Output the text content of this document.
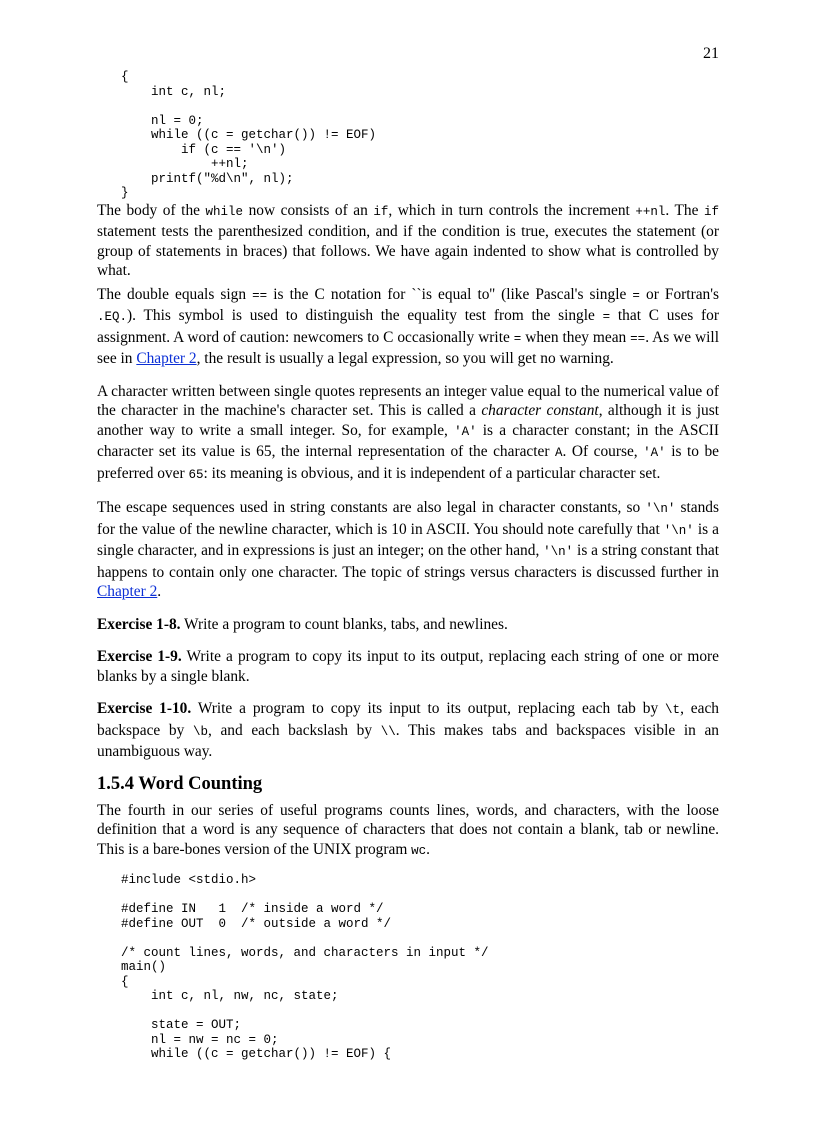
21
{
int c, nl;

nl = 0;
while ((c = getchar()) != EOF)
if (c == '\n')
++nl;
printf("%d\n", nl);
}

The body of the while now consists of an if, which in turn controls the increment ++nl. The if statement tests the parenthesized condition, and if the condition is true, executes the statement (or group of statements in braces) that follows. We have again indented to show what is controlled by what.

The double equals sign == is the C notation for ``is equal to'' (like Pascal's single = or Fortran's .EQ.). This symbol is used to distinguish the equality test from the single = that C uses for assignment. A word of caution: newcomers to C occasionally write = when they mean ==. As we will see in Chapter 2, the result is usually a legal expression, so you will get no warning.

A character written between single quotes represents an integer value equal to the numerical value of the character in the machine's character set. This is called a character constant, although it is just another way to write a small integer. So, for example, 'A' is a character constant; in the ASCII character set its value is 65, the internal representation of the character A. Of course, 'A' is to be preferred over 65: its meaning is obvious, and it is independent of a particular character set.

The escape sequences used in string constants are also legal in character constants, so '\n' stands for the value of the newline character, which is 10 in ASCII. You should note carefully that '\n' is a single character, and in expressions is just an integer; on the other hand, '\n' is a string constant that happens to contain only one character. The topic of strings versus characters is discussed further in Chapter 2.

Exercise 1-8. Write a program to count blanks, tabs, and newlines.

Exercise 1-9. Write a program to copy its input to its output, replacing each string of one or more blanks by a single blank.

Exercise 1-10. Write a program to copy its input to its output, replacing each tab by \t, each backspace by \b, and each backslash by \\. This makes tabs and backspaces visible in an unambiguous way.

1.5.4 Word Counting

The fourth in our series of useful programs counts lines, words, and characters, with the loose definition that a word is any sequence of characters that does not contain a blank, tab or newline. This is a bare-bones version of the UNIX program wc.

#include <stdio.h>

#define IN   1  /* inside a word */
#define OUT  0  /* outside a word */

/* count lines, words, and characters in input */
main()
{
int c, nl, nw, nc, state;

state = OUT;
nl = nw = nc = 0;
while ((c = getchar()) != EOF) {
